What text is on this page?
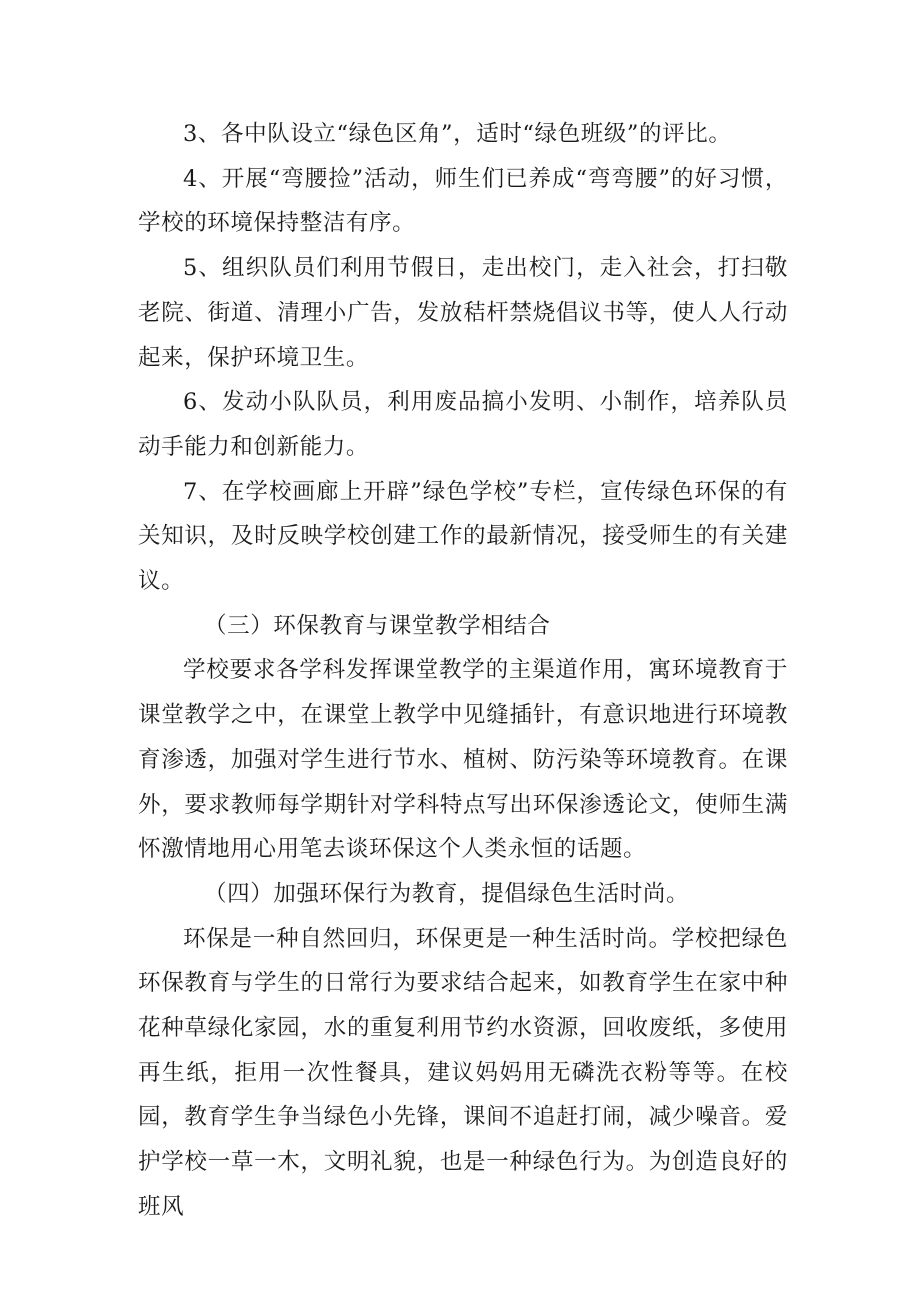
3、各中队设立“绿色区角”，适时“绿色班级”的评比。

4、开展“弯腰捡”活动，师生们已养成“弯弯腰”的好习惯，学校的环境保持整洁有序。

5、组织队员们利用节假日，走出校门，走入社会，打扫敬老院、街道、清理小广告，发放秸杆禁烧倡议书等，使人人行动起来，保护环境卫生。

6、发动小队队员，利用废品搞小发明、小制作，培养队员动手能力和创新能力。

7、在学校画廊上开辟”绿色学校”专栏，宣传绿色环保的有关知识，及时反映学校创建工作的最新情况，接受师生的有关建议。

（三）环保教育与课堂教学相结合

学校要求各学科发挥课堂教学的主渠道作用，寓环境教育于课堂教学之中，在课堂上教学中见缝插针，有意识地进行环境教育渗透，加强对学生进行节水、植树、防污染等环境教育。在课外，要求教师每学期针对学科特点写出环保渗透论文，使师生满怀激情地用心用笔去谈环保这个人类永恒的话题。

（四）加强环保行为教育，提倡绿色生活时尚。

环保是一种自然回归，环保更是一种生活时尚。学校把绿色环保教育与学生的日常行为要求结合起来，如教育学生在家中种花种草绿化家园，水的重复利用节约水资源，回收废纸，多使用再生纸，拒用一次性餐具，建议妈妈用无磷洗衣粉等等。在校园，教育学生争当绿色小先锋，课间不追赶打闹，减少噪音。爱护学校一草一木，文明礼貌，也是一种绿色行为。为创造良好的班风
